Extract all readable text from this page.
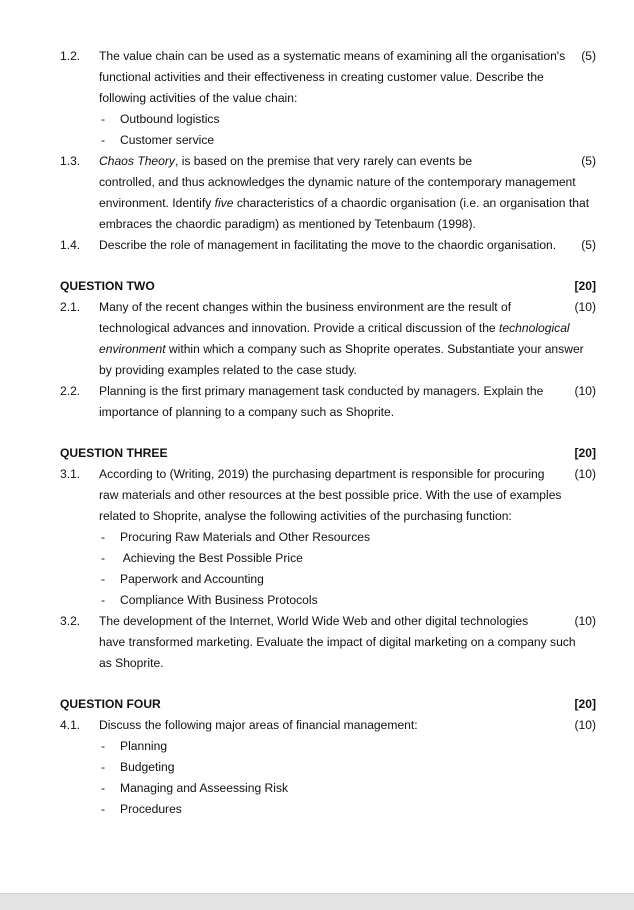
1.2. The value chain can be used as a systematic means of examining all the organisation's (5)
functional activities and their effectiveness in creating customer value. Describe the
following activities of the value chain:
- Outbound logistics
- Customer service
1.3. Chaos Theory, is based on the premise that very rarely can events be	(5)
controlled, and thus acknowledges the dynamic nature of the contemporary management
environment. Identify five characteristics of a chaordic organisation (i.e. an organisation that
embraces the chaordic paradigm) as mentioned by Tetenbaum (1998).
1.4. Describe the role of management in facilitating the move to the chaordic organisation. (5)
QUESTION TWO	[20]
2.1. Many of the recent changes within the business environment are the result of	(10)
technological advances and innovation. Provide a critical discussion of the technological
environment within which a company such as Shoprite operates. Substantiate your answer
by providing examples related to the case study.
2.2. Planning is the first primary management task conducted by managers. Explain the	(10)
importance of planning to a company such as Shoprite.
QUESTION THREE	[20]
3.1. According to (Writing, 2019) the purchasing department is responsible for procuring (10)
raw materials and other resources at the best possible price. With the use of examples
related to Shoprite, analyse the following activities of the purchasing function:
- Procuring Raw Materials and Other Resources
- Achieving the Best Possible Price
- Paperwork and Accounting
- Compliance With Business Protocols
3.2. The development of the Internet, World Wide Web and other digital technologies	(10)
have transformed marketing. Evaluate the impact of digital marketing on a company such
as Shoprite.
QUESTION FOUR	[20]
4.1. Discuss the following major areas of financial management:	(10)
- Planning
- Budgeting
- Managing and Asseessing Risk
- Procedures
